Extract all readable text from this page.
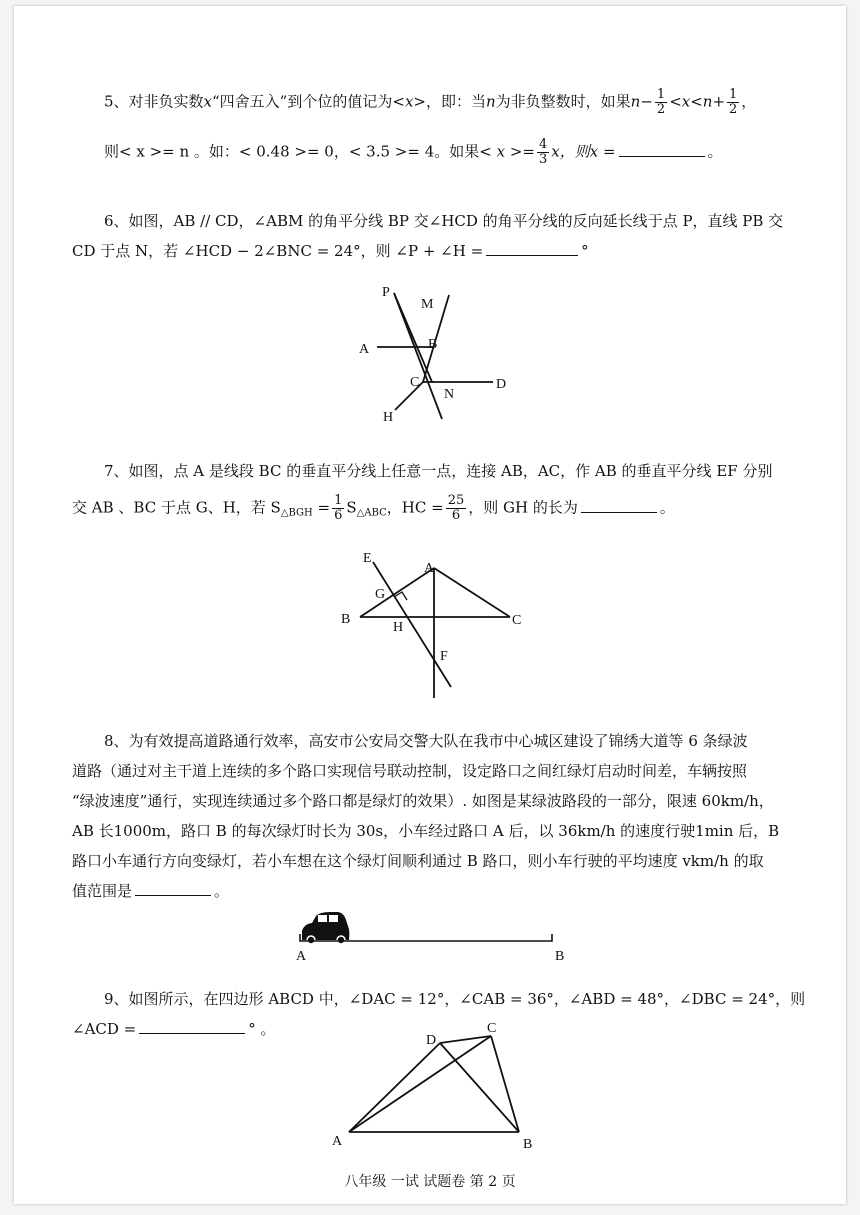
5、对非负实数x“四舍五入”到个位的值记为<x>，即：当n为非负整数时，如果$n- \frac{1}{2} <x<n+ \frac{1}{2}$ ，
则< x >= n 。如：< 0.48 >= 0，< 3.5 >= 4。如果< $x >= \frac{4}{3}$ x，则x =	。
6、如图，AB // CD，∠ABM 的角平分线 BP 交∠HCD 的角平分线的反向延长线于点 P，直线 PB 交
CD 于点 N，若 ∠HCD − 2∠BNC = 24°，则 ∠P + ∠H =	°
P
M
A	B
C
N
D
H
7、如图，点 A 是线段 BC 的垂直平分线上任意一点，连接 AB，AC，作 AB 的垂直平分线 EF 分别
交 AB 、BC 于点 G、H，若 $S_{\triangle BGH} = \frac{1}{6} S_{\triangle ABC}$，HC = $\frac{25}{6}$ ，则 GH 的长为	。
E
A
G
B
H	C
F
8、为有效提高道路通行效率，高安市公安局交警大队在我市中心城区建设了锦绣大道等 6 条绿波
道路（通过对主干道上连续的多个路口实现信号联动控制，设定路口之间红绿灯启动时间差，车辆按照
“绿波速度”通行，实现连续通过多个路口都是绿灯的效果）. 如图是某绿波路段的一部分，限速 60km/h，
AB 长1000m，路口 B 的每次绿灯时长为 30s，小车经过路口 A 后，以 36km/h 的速度行驶1min 后，B
路口小车通行方向变绿灯，若小车想在这个绿灯间顺利通过 B 路口，则小车行驶的平均速度 vkm/h 的取
值范围是	。
A	B
9、如图所示，在四边形 ABCD 中，∠DAC = 12°，∠CAB = 36°，∠ABD = 48°，∠DBC = 24°，则
∠ACD =	° 。
D
C
A	B
八年级 一试 试题卷 第 2 页
